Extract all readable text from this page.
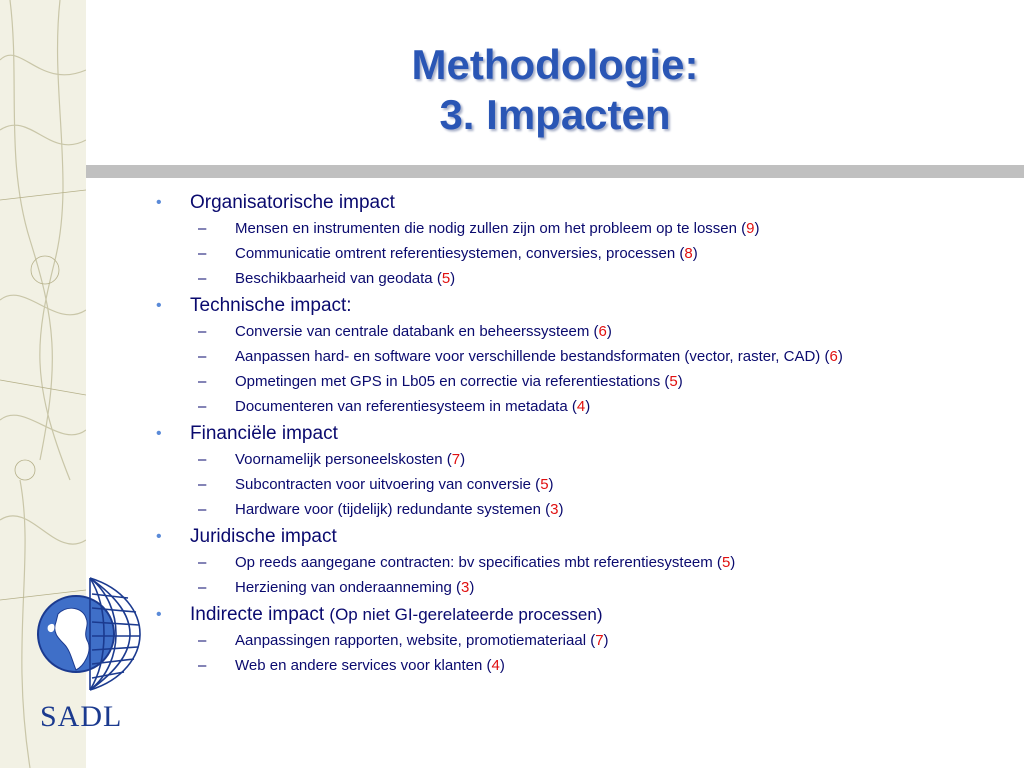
Methodologie:
3. Impacten
• Organisatorische impact
– Mensen en instrumenten die nodig zullen zijn om het probleem op te lossen (9)
– Communicatie omtrent referentiesystemen, conversies, processen (8)
– Beschikbaarheid van geodata (5)
• Technische impact:
– Conversie van centrale databank en beheerssysteem (6)
– Aanpassen hard- en software voor verschillende bestandsformaten (vector, raster, CAD) (6)
– Opmetingen met GPS in Lb05 en correctie via referentiestations (5)
– Documenteren van referentiesysteem in metadata (4)
• Financiële impact
– Voornamelijk personeelskosten (7)
– Subcontracten voor uitvoering van conversie (5)
– Hardware voor (tijdelijk) redundante systemen (3)
• Juridische impact
– Op reeds aangegane contracten: bv specificaties mbt referentiesysteem (5)
– Herziening van onderaanneming (3)
• Indirecte impact (Op niet GI-gerelateerde processen)
– Aanpassingen rapporten, website, promotiemateriaal (7)
– Web en andere services voor klanten (4)
SADL
